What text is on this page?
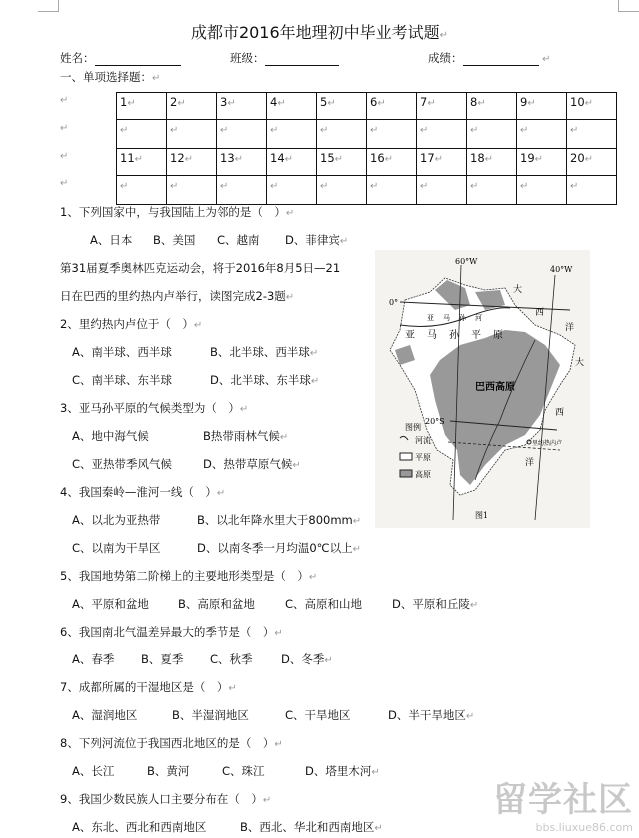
成都市2016年地理初中毕业考试题↵
姓名：	班级：	成绩：	↵
一、单项选择题：↵
↵
↵
↵
↵
1↵	2↵	3↵	4↵	5↵	6↵	7↵	8↵	9↵	10↵
↵	↵	↵	↵	↵	↵	↵	↵	↵	↵
11↵	12↵	13↵	14↵	15↵	16↵	17↵	18↵	19↵	20↵
↵	↵	↵	↵	↵	↵	↵	↵	↵	↵
1、下列国家中，与我国陆上为邻的是（　）↵
A、日本 B、美国 C、越南 D、菲律宾↵
2、里约热内卢位于（　）↵
A、南半球、西半球	B、北半球、西半球↵
C、南半球、东半球	D、北半球、东半球↵
3、亚马孙平原的气候类型为（　）↵
A、地中海气候	B热带雨林气候↵
C、亚热带季风气候	D、热带草原气候↵
4、我国秦岭—淮河一线（　）↵
A、以北为亚热带	B、以北年降水里大于800mm↵
C、以南为干旱区	D、以南冬季一月均温0℃以上↵
5、我国地势第二阶梯上的主要地形类型是（　）↵
A、平原和盆地	B、高原和盆地	C、高原和山地	D、平原和丘陵↵
6、我国南北气温差异最大的季节是（　）↵
A、春季 B、夏季 C、秋季 D、冬季↵
7、成都所属的干湿地区是（　）↵
A、湿润地区	B、半湿润地区	C、干旱地区	D、半干旱地区↵
8、下列河流位于我国西北地区的是（　）↵
A、长江	B、黄河	C、珠江	D、塔里木河↵
9、我国少数民族人口主要分布在（　）↵
A、东北、西北和西南地区	B、西北、华北和西南地区↵
第31届夏季奥林匹克运动会，将于2016年8月5日—21
日在巴西的里约热内卢举行，读图完成2-3题↵
60°W
40°W
0°
20°S
亚马孙河
亚马孙平原
巴西高原
里约热内卢
大
西
洋
大
西
洋
图例
河流
平原
高原
图1
留学社区
bbs.liuxue86.com
